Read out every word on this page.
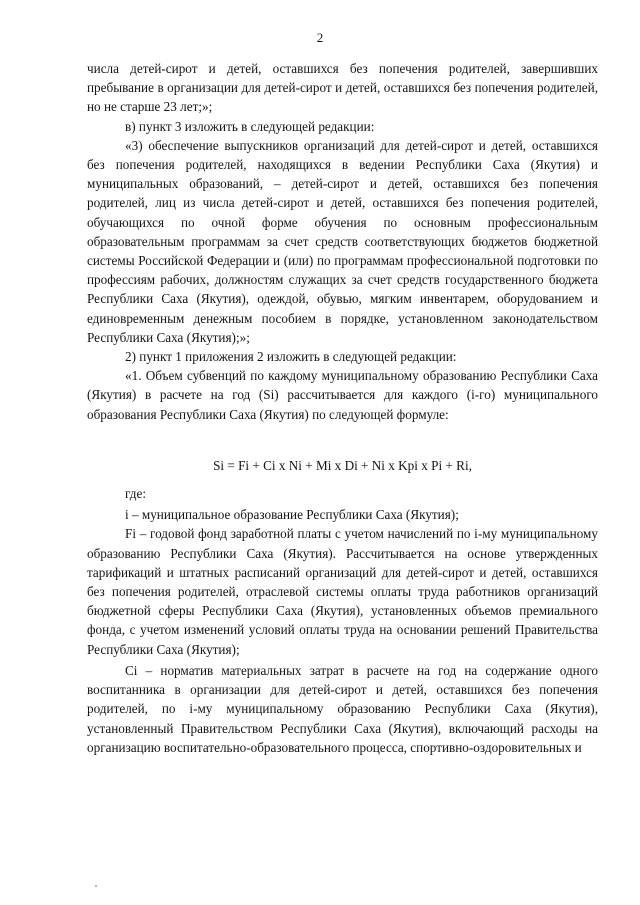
2

числа детей-сирот и детей, оставшихся без попечения родителей, завершивших пребывание в организации для детей-сирот и детей, оставшихся без попечения родителей, но не старше 23 лет;»;

в) пункт 3 изложить в следующей редакции:

«3) обеспечение выпускников организаций для детей-сирот и детей, оставшихся без попечения родителей, находящихся в ведении Республики Саха (Якутия) и муниципальных образований, – детей-сирот и детей, оставшихся без попечения родителей, лиц из числа детей-сирот и детей, оставшихся без попечения родителей, обучающихся по очной форме обучения по основным профессиональным образовательным программам за счет средств соответствующих бюджетов бюджетной системы Российской Федерации и (или) по программам профессиональной подготовки по профессиям рабочих, должностям служащих за счет средств государственного бюджета Республики Саха (Якутия), одеждой, обувью, мягким инвентарем, оборудованием и единовременным денежным пособием в порядке, установленном законодательством Республики Саха (Якутия);»;

2) пункт 1 приложения 2 изложить в следующей редакции:

«1. Объем субвенций по каждому муниципальному образованию Республики Саха (Якутия) в расчете на год (Si) рассчитывается для каждого (i-го) муниципального образования Республики Саха (Якутия) по следующей формуле:

Si = Fi + Ci x Ni + Mi x Di + Ni x Kpi x Pi + Ri,

где:

i – муниципальное образование Республики Саха (Якутия);

Fi – годовой фонд заработной платы с учетом начислений по i-му муниципальному образованию Республики Саха (Якутия). Рассчитывается на основе утвержденных тарификаций и штатных расписаний организаций для детей-сирот и детей, оставшихся без попечения родителей, отраслевой системы оплаты труда работников организаций бюджетной сферы Республики Саха (Якутия), установленных объемов премиального фонда, с учетом изменений условий оплаты труда на основании решений Правительства Республики Саха (Якутия);

Ci – норматив материальных затрат в расчете на год на содержание одного воспитанника в организации для детей-сирот и детей, оставшихся без попечения родителей, по i-му муниципальному образованию Республики Саха (Якутия), установленный Правительством Республики Саха (Якутия), включающий расходы на организацию воспитательно-образовательного процесса, спортивно-оздоровительных и
